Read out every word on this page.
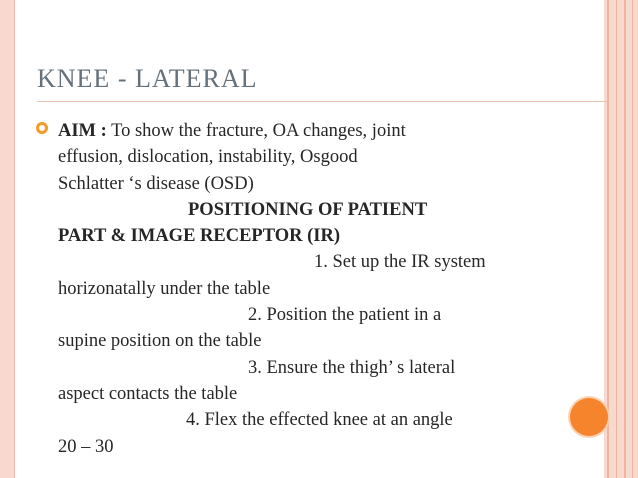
KNEE - LATERAL
AIM : To show the fracture, OA changes, joint
effusion, dislocation, instability, Osgood
Schlatter ‘s disease (OSD)
POSITIONING OF PATIENT
PART & IMAGE RECEPTOR (IR)
1. Set up the IR system
horizonatally under the table
2. Position the patient in a
supine position on the table
3. Ensure the thigh’ s lateral
aspect contacts the table
4. Flex the effected knee at an angle
20 – 30
